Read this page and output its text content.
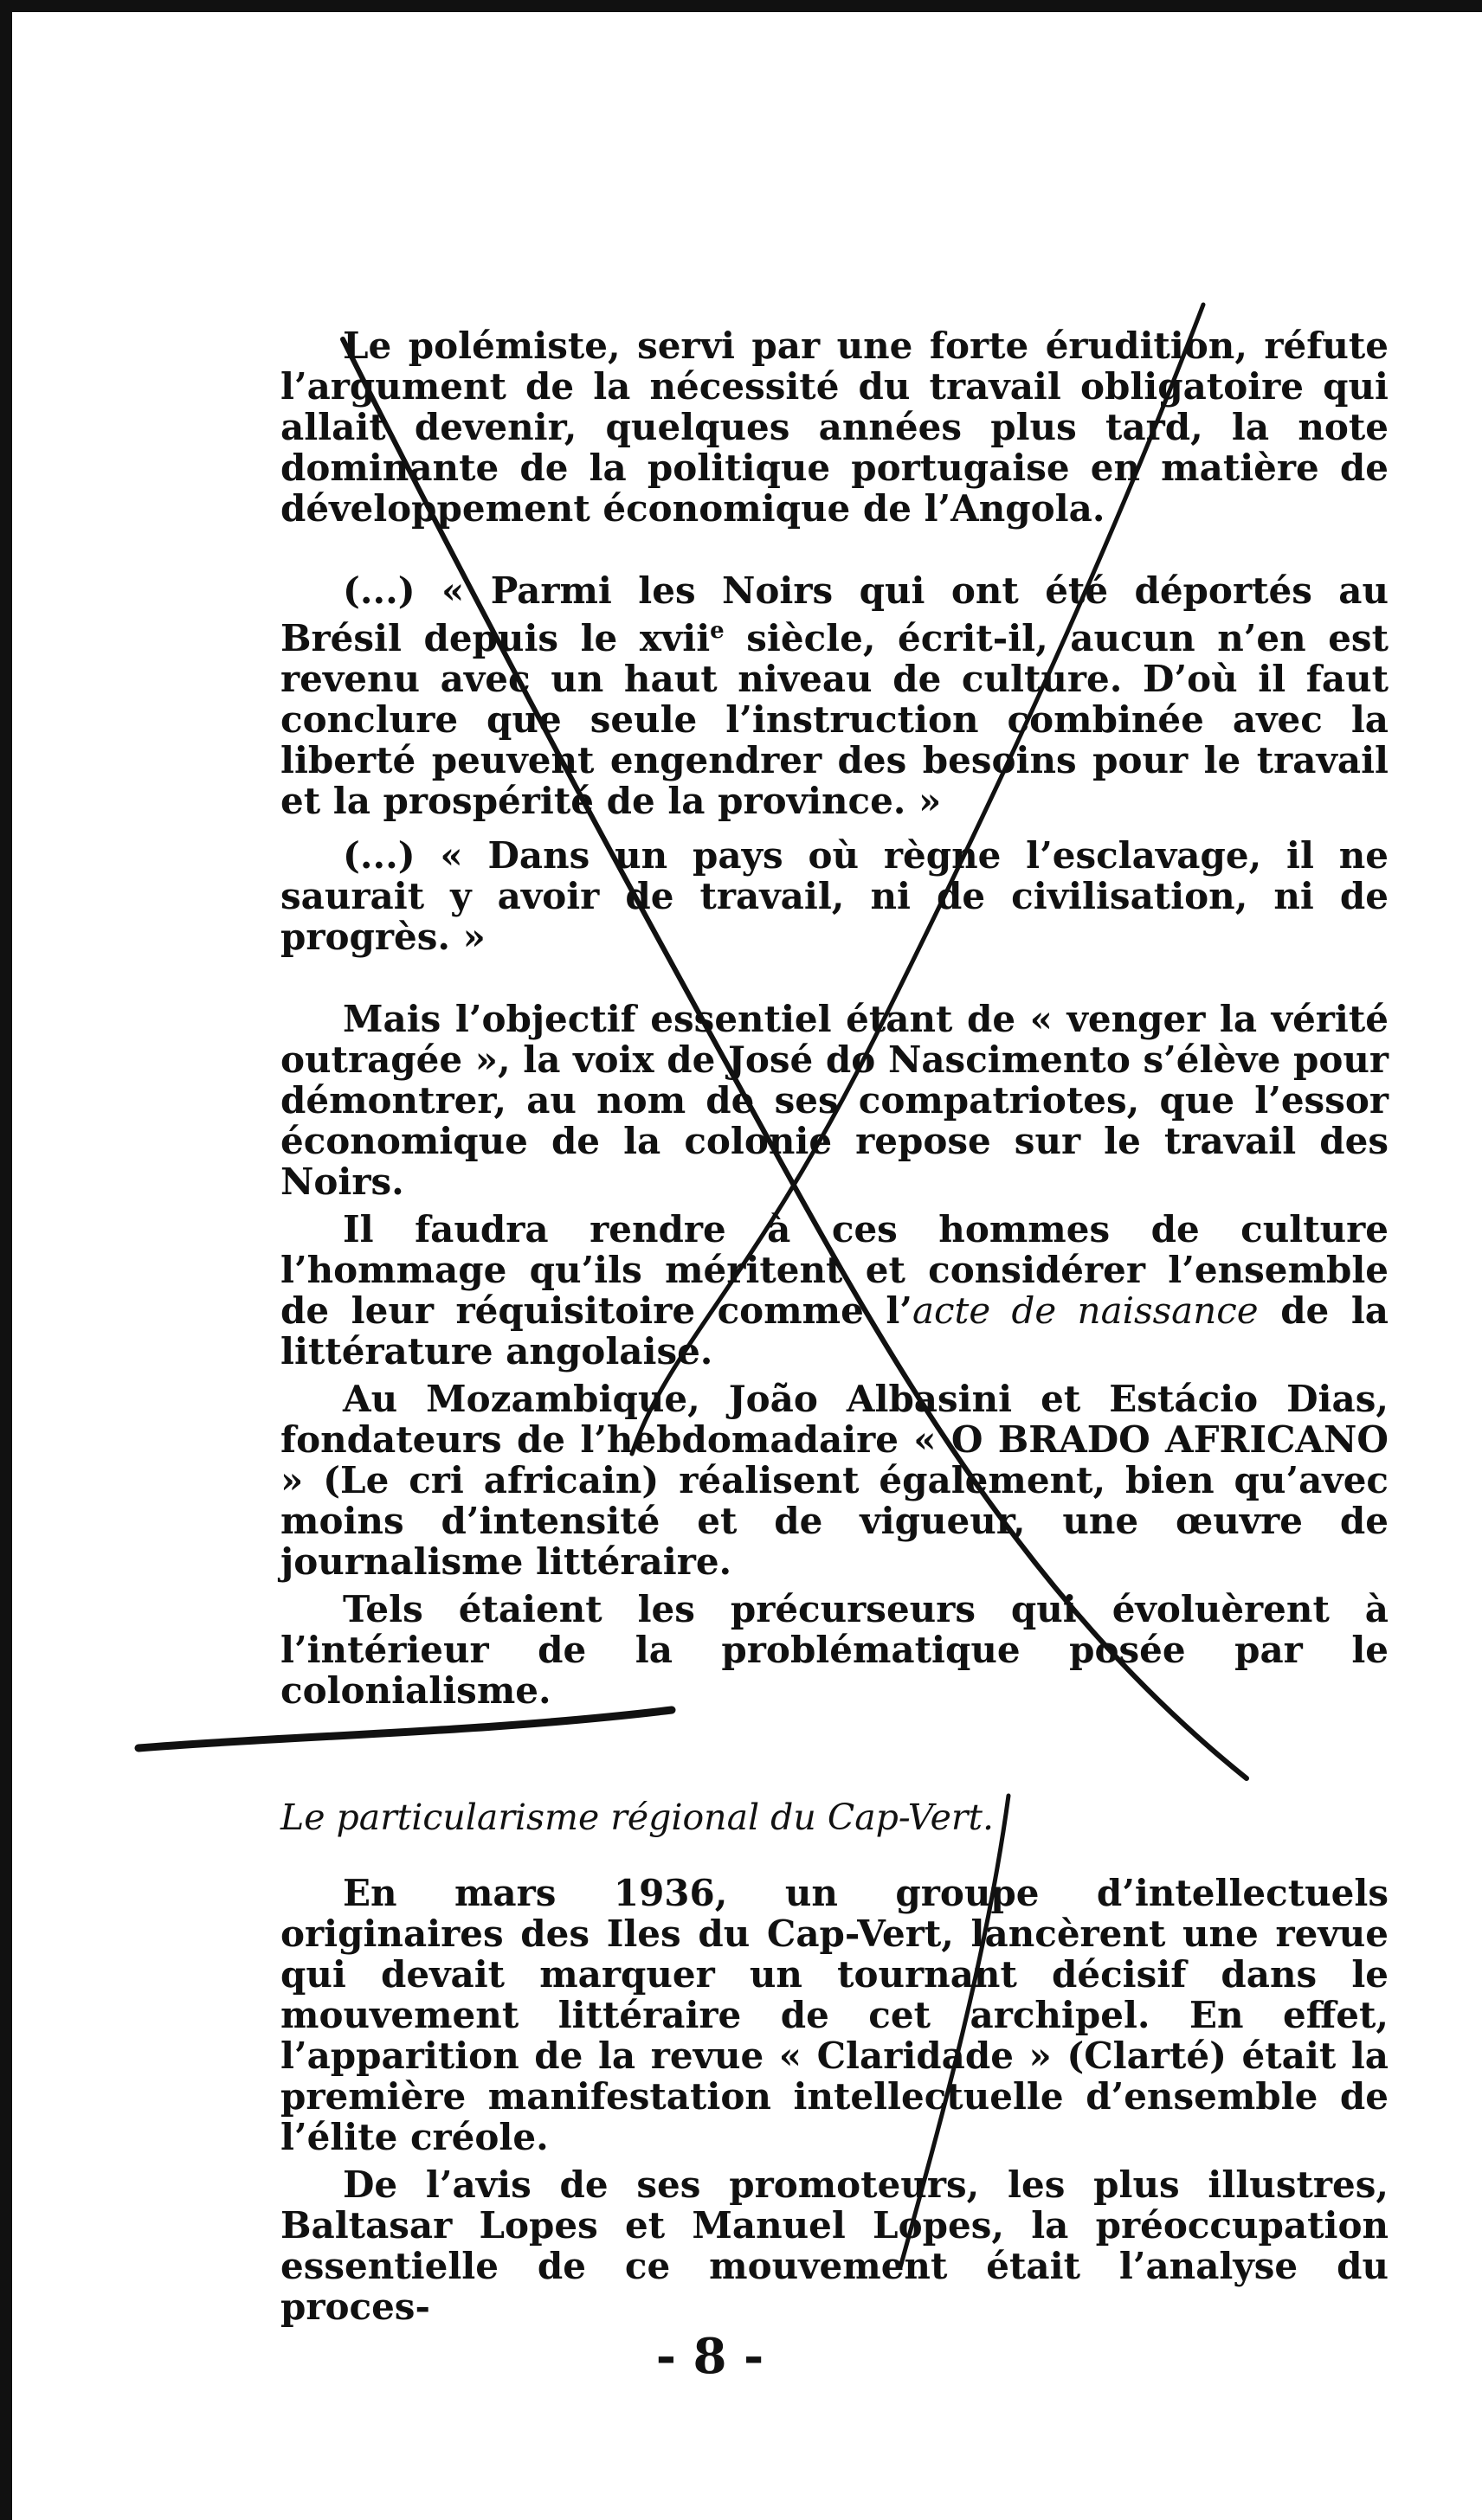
Le polémiste, servi par une forte érudition, réfute l’argument de la nécessité du travail obligatoire qui allait devenir, quelques années plus tard, la note dominante de la politique portugaise en matière de développement économique de l’Angola.

(...) « Parmi les Noirs qui ont été déportés au Brésil depuis le xvii$^e$ siècle, écrit-il, aucun n’en est revenu avec un haut niveau de culture. D’où il faut conclure que seule l’instruction combinée avec la liberté peuvent engendrer des besoins pour le travail et la prospérité de la province. »

(...) « Dans un pays où règne l’esclavage, il ne saurait y avoir de travail, ni de civilisation, ni de progrès. »

Mais l’objectif essentiel étant de « venger la vérité outragée », la voix de José do Nascimento s’élève pour démontrer, au nom de ses compatriotes, que l’essor économique de la colonie repose sur le travail des Noirs.

Il faudra rendre à ces hommes de culture l’hommage qu’ils méritent et considérer l’ensemble de leur réquisitoire comme l’acte de naissance de la littérature angolaise.

Au Mozambique, João Albasini et Estácio Dias, fondateurs de l’hebdomadaire « O BRADO AFRICANO » (Le cri africain) réalisent également, bien qu’avec moins d’intensité et de vigueur, une œuvre de journalisme littéraire.

Tels étaient les précurseurs qui évoluèrent à l’intérieur de la problématique posée par le colonialisme.

Le particularisme régional du Cap-Vert.

En mars 1936, un groupe d’intellectuels originaires des Iles du Cap-Vert, lancèrent une revue qui devait marquer un tournant décisif dans le mouvement littéraire de cet archipel. En effet, l’apparition de la revue « Claridade » (Clarté) était la première manifestation intellectuelle d’ensemble de l’élite créole.

De l’avis de ses promoteurs, les plus illustres, Baltasar Lopes et Manuel Lopes, la préoccupation essentielle de ce mouvement était l’analyse du proces-

- 8 -
